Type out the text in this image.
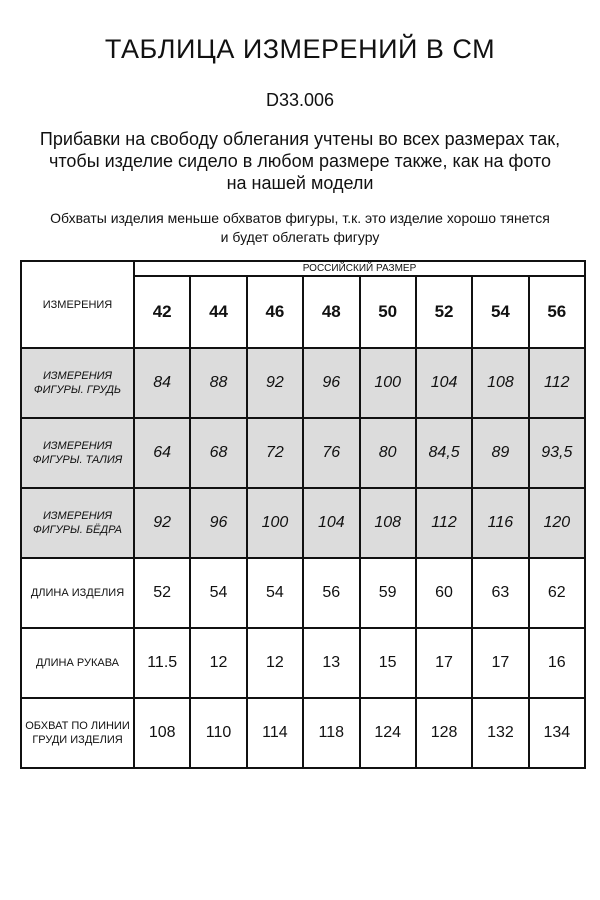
ТАБЛИЦА ИЗМЕРЕНИЙ В СМ
D33.006
Прибавки на свободу облегания учтены во всех размерах так,
чтобы изделие сидело в любом размере также, как на фото
на нашей модели
Обхваты изделия меньше обхватов фигуры, т.к. это изделие хорошо тянется
и будет облегать фигуру
ИЗМЕРЕНИЯ	РОССИЙСКИЙ РАЗМЕР							
	42	44	46	48	50	52	54	56
ИЗМЕРЕНИЯ ФИГУРЫ. ГРУДЬ	84	88	92	96	100	104	108	112
ИЗМЕРЕНИЯ ФИГУРЫ. ТАЛИЯ	64	68	72	76	80	84,5	89	93,5
ИЗМЕРЕНИЯ ФИГУРЫ. БЁДРА	92	96	100	104	108	112	116	120
ДЛИНА ИЗДЕЛИЯ	52	54	54	56	59	60	63	62
ДЛИНА РУКАВА	11.5	12	12	13	15	17	17	16
ОБХВАТ ПО ЛИНИИ ГРУДИ ИЗДЕЛИЯ	108	110	114	118	124	128	132	134
